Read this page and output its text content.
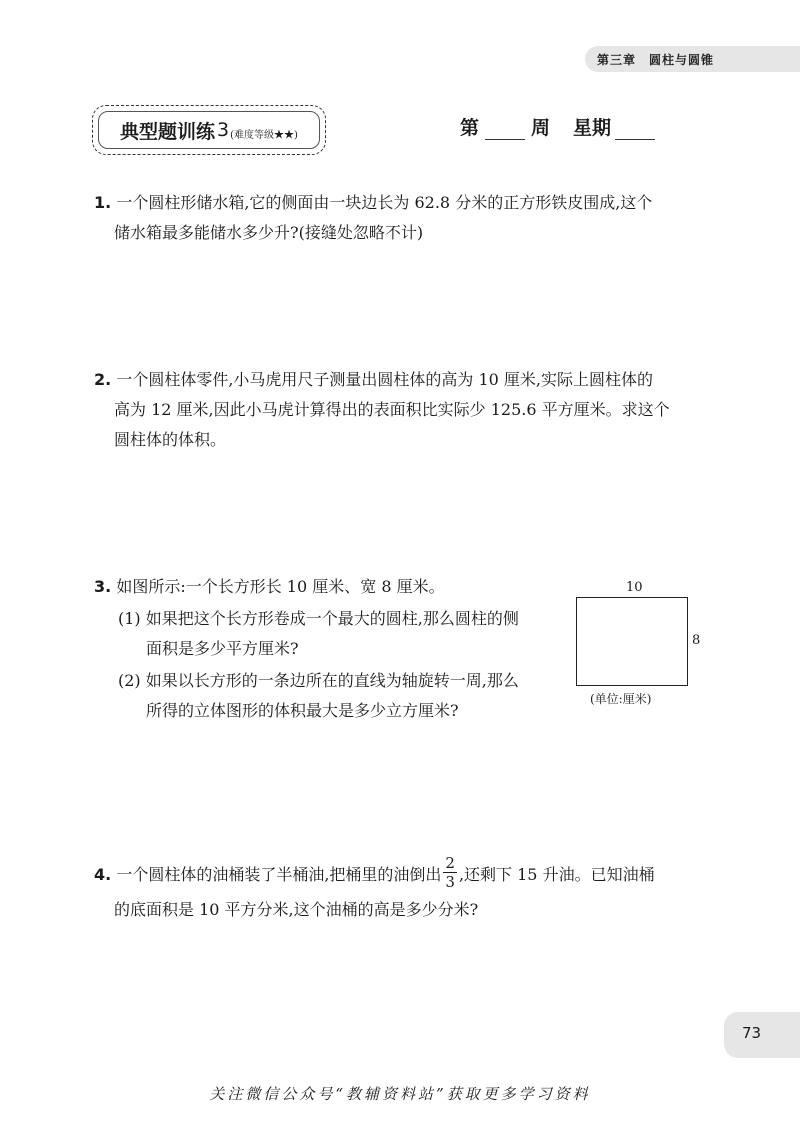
第三章　圆柱与圆锥
典型题训练 3 (难度等级★★)	第	周 星期
1. 一个圆柱形储水箱,它的侧面由一块边长为 62.8 分米的正方形铁皮围成,这个
储水箱最多能储水多少升?(接缝处忽略不计)
2. 一个圆柱体零件,小马虎用尺子测量出圆柱体的高为 10 厘米,实际上圆柱体的
高为 12 厘米,因此小马虎计算得出的表面积比实际少 125.6 平方厘米。求这个
圆柱体的体积。
3. 如图所示:一个长方形长 10 厘米、宽 8 厘米。
(1) 如果把这个长方形卷成一个最大的圆柱,那么圆柱的侧
面积是多少平方厘米?
(2) 如果以长方形的一条边所在的直线为轴旋转一周,那么
所得的立体图形的体积最大是多少立方厘米?
10
8
(单位:厘米)
4. 一个圆柱体的油桶装了半桶油,把桶里的油倒出 $\frac{2}{3}$ ,还剩下 15 升油。已知油桶
的底面积是 10 平方分米,这个油桶的高是多少分米?
73
关注微信公众号“教辅资料站”获取更多学习资料
